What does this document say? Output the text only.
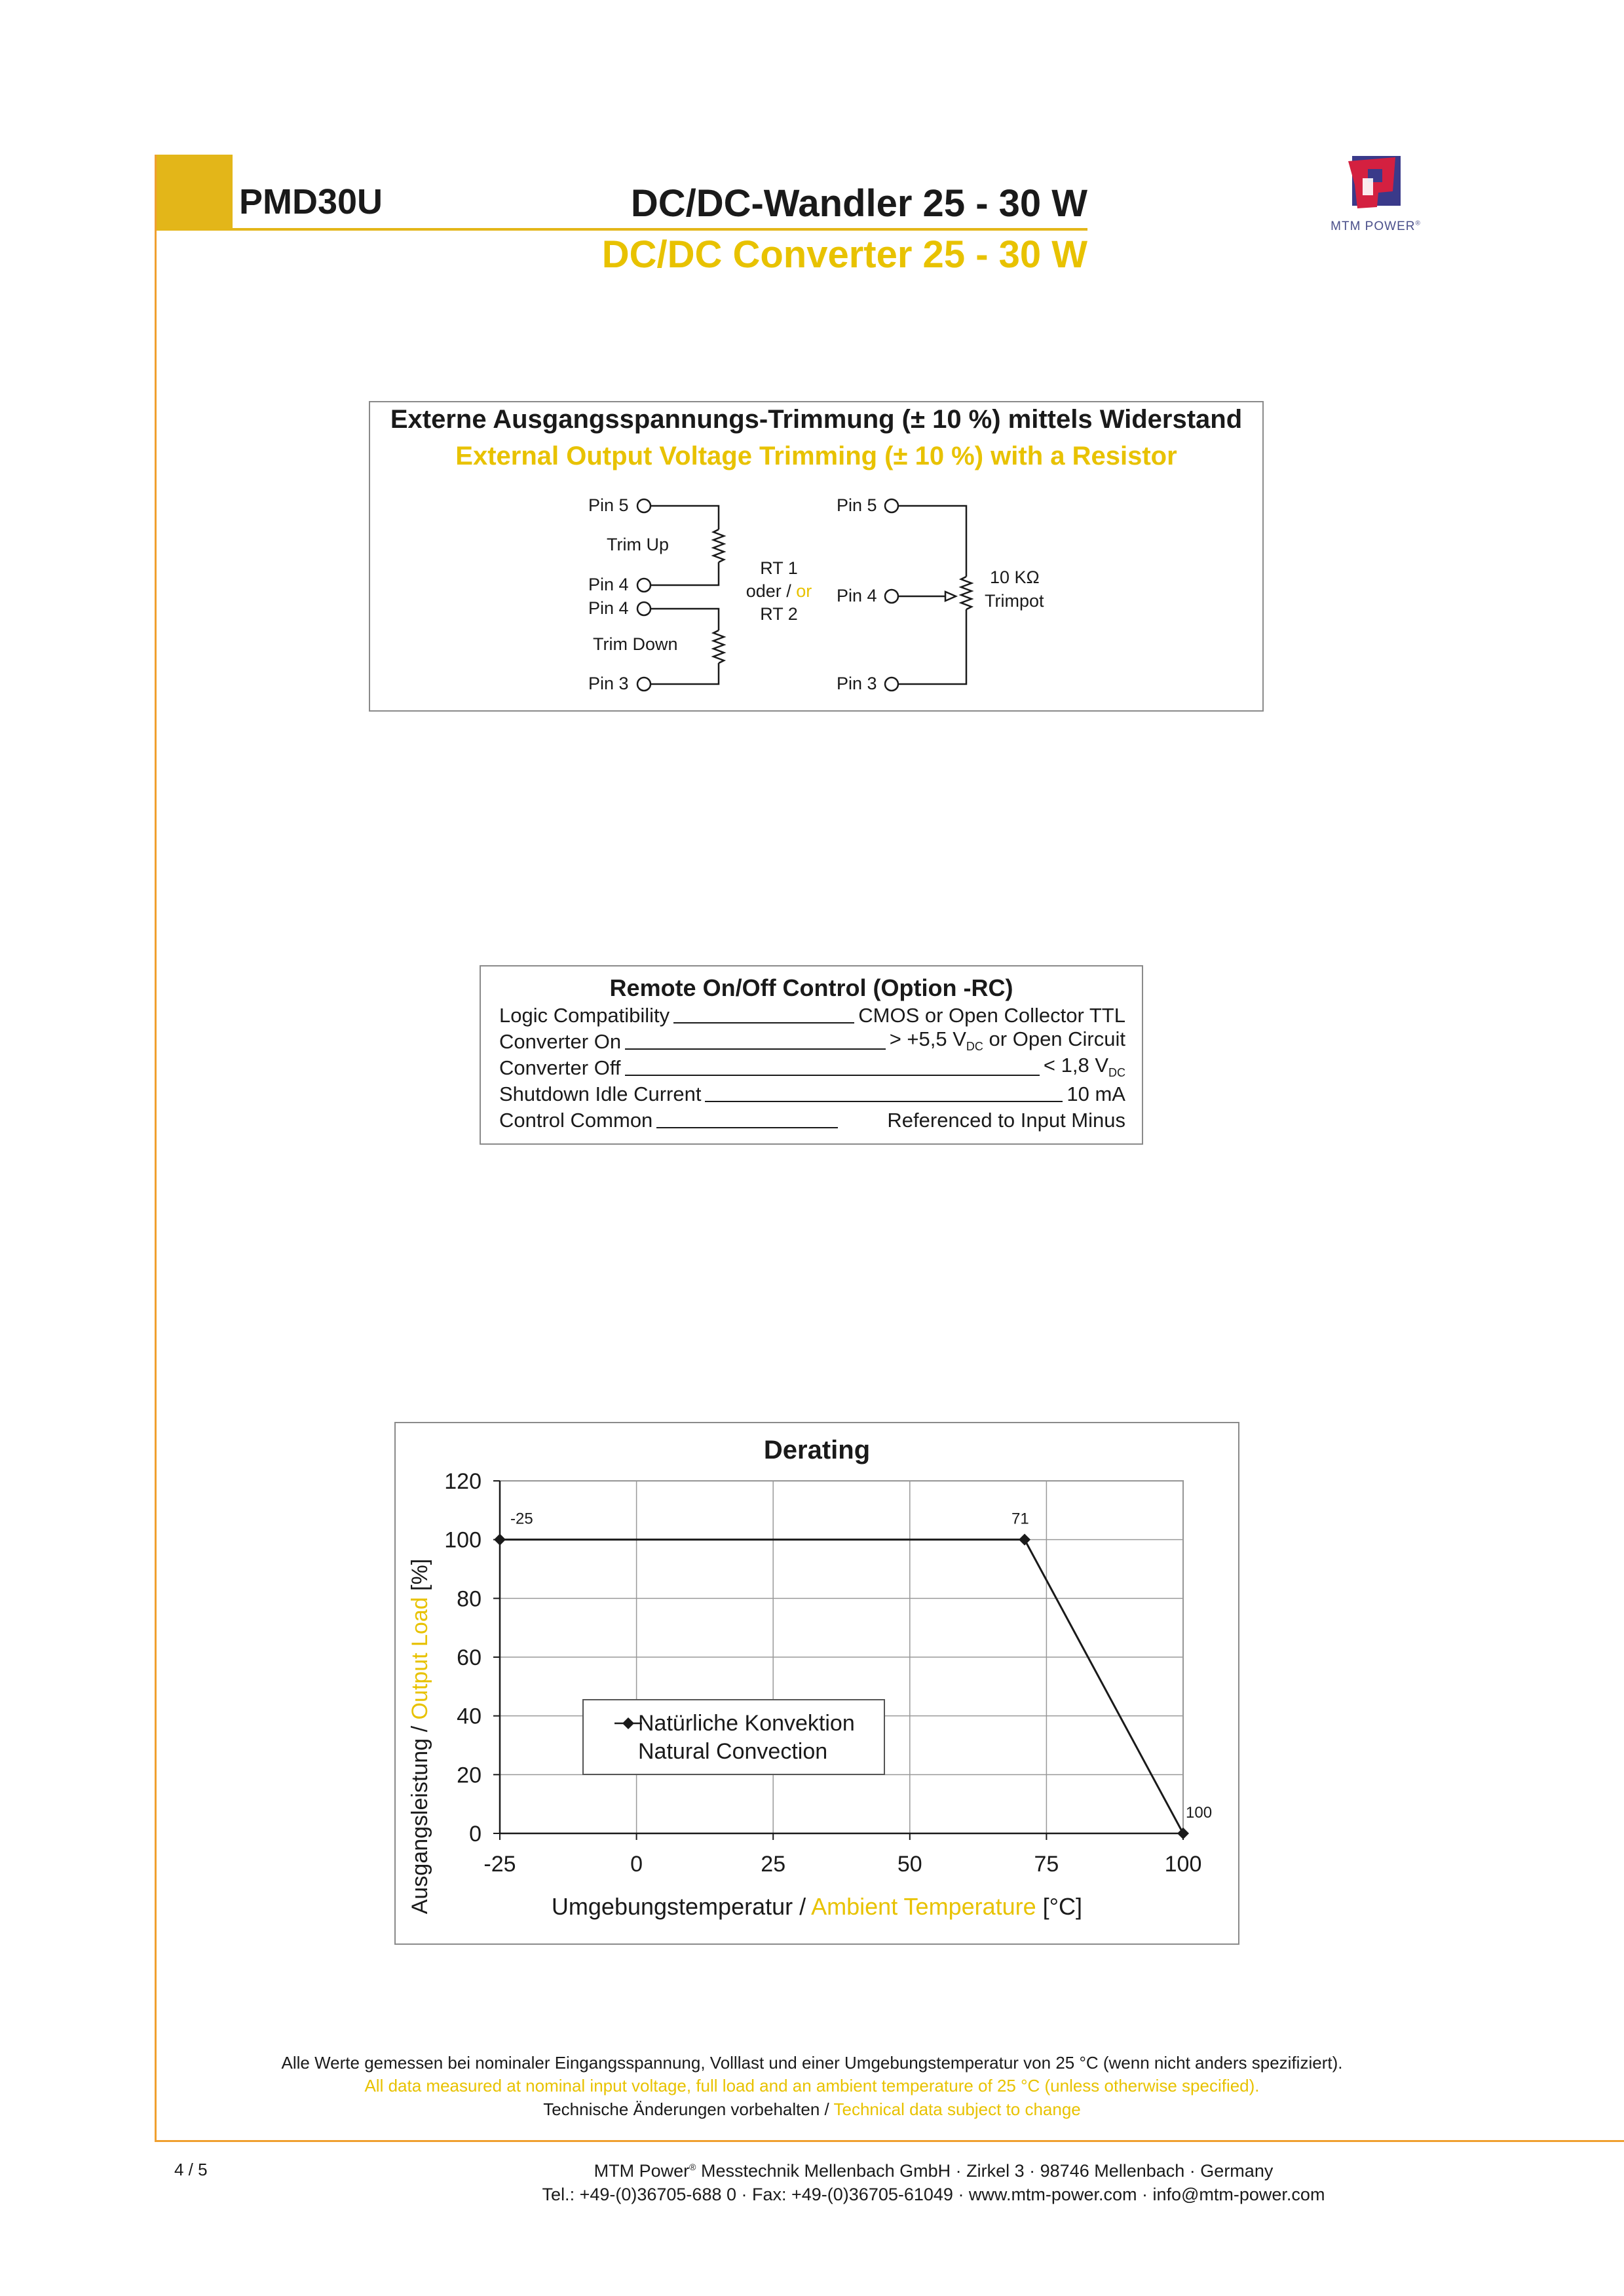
PMD30U	DC/DC-Wandler 25 - 30 W
DC/DC Converter 25 - 30 W
MTM POWER®
Externe Ausgangsspannungs-Trimmung (± 10 %) mittels Widerstand
External Output Voltage Trimming (± 10 %) with a Resistor
Pin 5
Trim Up
Pin 4
Pin 4
Trim Down
Pin 3
RT 1
oder / or
RT 2
Pin 5
Pin 4
Pin 3
10 KΩ
Trimpot
Remote On/Off Control (Option -RC)
Logic Compatibility	CMOS or Open Collector TTL
Converter On	> +5,5 $V_{DC}$ or Open Circuit
Converter Off	< 1,8 $V_{DC}$
Shutdown Idle Current	10 mA
Control Common	Referenced to Input Minus
Derating
0
20
40
60
80
100
120
-25	0	25	50	75	100
-25	71
100
Ausgangsleistung / Output Load [%]
Umgebungstemperatur / Ambient Temperature [°C]
Natürliche Konvektion
Natural Convection
Alle Werte gemessen bei nominaler Eingangsspannung, Volllast und einer Umgebungstemperatur von 25 °C (wenn nicht anders spezifiziert).
All data measured at nominal input voltage, full load and an ambient temperature of 25 °C (unless otherwise specified).
Technische Änderungen vorbehalten / Technical data subject to change
4 / 5	MTM Power® Messtechnik Mellenbach GmbH · Zirkel 3 · 98746 Mellenbach · Germany
Tel.: +49-(0)36705-688 0 · Fax: +49-(0)36705-61049 · www.mtm-power.com · info@mtm-power.com
